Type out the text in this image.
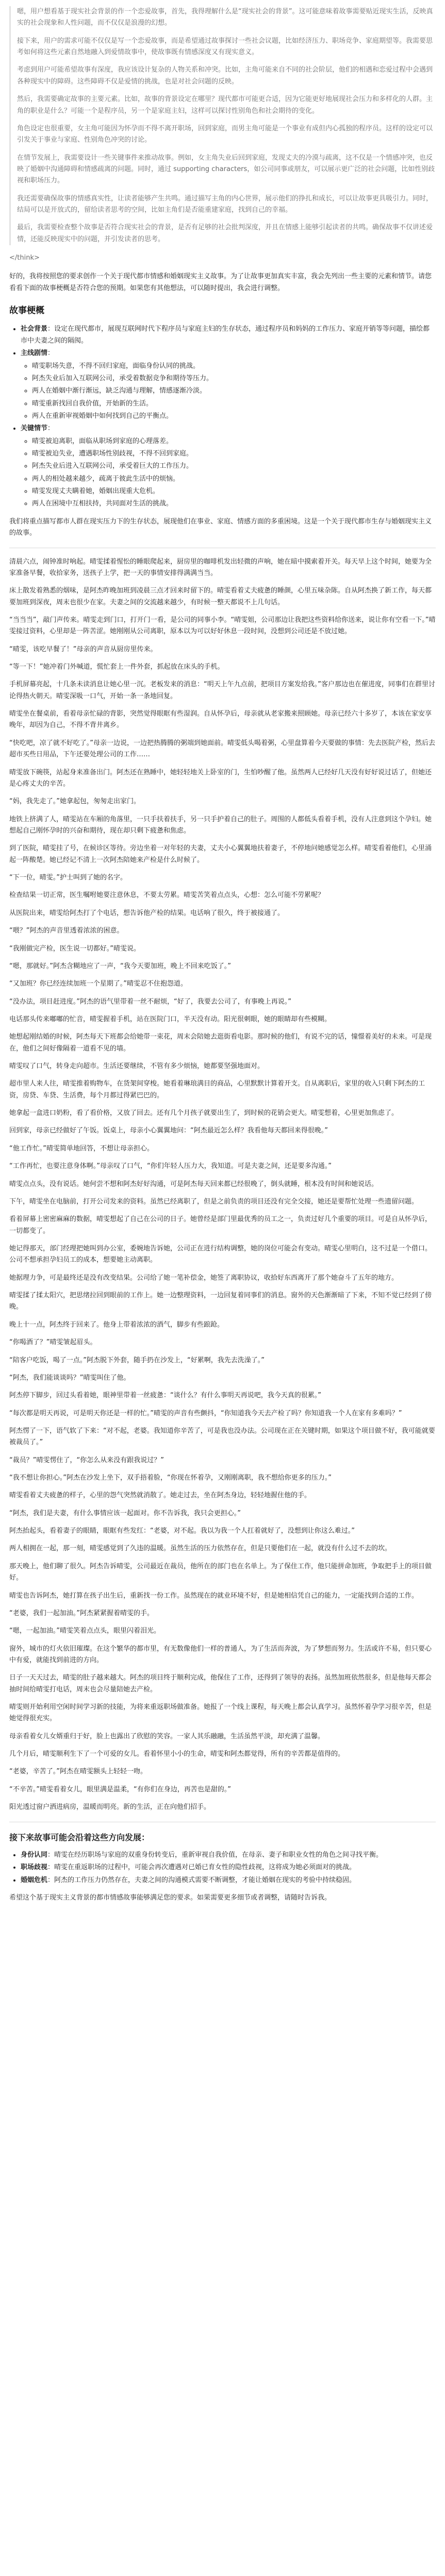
嗯，用户想看基于现实社会背景的作一个恋爱故事，首先，我得理解什么是“现实社会的背景”。这可能意味着故事需要贴近现实生活，反映真实的社会现象和人性问题，而不仅仅是浪漫的幻想。

接下来，用户的需求可能不仅仅是写一个恋爱故事，而是希望通过故事探讨一些社会议题，比如经济压力、职场竞争、家庭期望等。我需要思考如何将这些元素自然地融入到爱情故事中，使故事既有情感深度又有现实意义。

考虑到用户可能希望故事有深度，我应该设计复杂的人物关系和冲突。比如，主角可能来自不同的社会阶层，他们的相遇和恋爱过程中会遇到各种现实中的障碍。这些障碍不仅是爱情的挑战，也是对社会问题的反映。

然后，我需要确定故事的主要元素。比如，故事的背景设定在哪里？现代都市可能更合适，因为它能更好地展现社会压力和多样化的人群。主角的职业是什么？可能一个是程序员，另一个是家庭主妇，这样可以探讨性别角色和社会期待的变化。

角色设定也很重要，女主角可能因为怀孕而不得不离开职场，回到家庭，而男主角可能是一个事业有成但内心孤独的程序员。这样的设定可以引发关于事业与家庭、性别角色冲突的讨论。

在情节发展上，我需要设计一些关键事件来推动故事。例如，女主角失业后回到家庭，发现丈夫的冷漠与疏离，这不仅是一个情感冲突，也反映了婚姻中沟通障碍和情感疏离的问题。同时，通过 supporting characters，如公司同事或朋友，可以展示更广泛的社会问题，比如性别歧视和职场压力。

我还需要确保故事的情感真实性，让读者能够产生共鸣。通过描写主角的内心世界，展示他们的挣扎和成长，可以让故事更具吸引力。同时，结局可以是开放式的，留给读者思考的空间，比如主角们是否能重建家庭，找到自己的幸福。

最后，我需要检查整个故事是否符合现实社会的背景，是否有足够的社会批判深度，并且在情感上能够引起读者的共鸣。确保故事不仅讲述爱情，还能反映现实中的问题，并引发读者的思考。

</think>

好的，我将按照您的要求创作一个关于现代都市情感和婚姻现实主义故事。为了让故事更加真实丰富，我会先列出一些主要的元素和情节。请您看看下面的故事梗概是否符合您的预期。如果您有其他想法，可以随时提出，我会进行调整。

故事梗概
• 社会背景：设定在现代都市，展现互联网时代下程序员与家庭主妇的生存状态，通过程序员和妈妈的工作压力、家庭开销等等问题，描绘都市中夫妻之间的隔阂。
• 主线剧情：
◦ 晴雯职场失意，不得不回归家庭，面临身份认同的挑战。
◦ 阿杰失业后加入互联网公司，承受着数据竞争和期待等压力。
◦ 两人在婚姻中渐行渐远，缺乏沟通与理解，情感逐渐冷淡。
◦ 晴雯重新找回自我价值，开始新的生活。
◦ 两人在重新审视婚姻中如何找到自己的平衡点。
• 关键情节：
◦ 晴雯被迫离职，面临从职场到家庭的心理落差。
◦ 晴雯被迫失业，遭遇职场性别歧视，不得不回到家庭。
◦ 阿杰失业后进入互联网公司，承受着巨大的工作压力。
◦ 两人的相处越来越少，疏离于彼此生活中的烦恼。
◦ 晴雯发现丈夫瞒着她，婚姻出现重大危机。
◦ 两人在困境中互相扶持，共同面对生活的挑战。

我们将重点描写都市人群在现实压力下的生存状态，展现他们在事业、家庭、情感方面的多重困境。这是一个关于现代都市生存与婚姻现实主义的故事。

清晨六点，闹钟准时响起。晴雯揉着惺忪的睡眼爬起来，厨房里的咖啡机发出轻微的声响，她在暗中摸索着开关。每天早上这个时间，她要为全家准备早餐，收拾家务，送孩子上学，把一天的事情安排得满满当当。

床上散发着熟悉的烟味，是阿杰昨晚加班到凌晨三点才回来时留下的。晴雯看着丈夫疲惫的睡颜，心里五味杂陈。自从阿杰换了新工作，每天都要加班到深夜，周末也很少在家。夫妻之间的交流越来越少，有时候一整天都说不上几句话。

“当当当”，敲门声传来。晴雯走到门口，打开门一看，是公司的同事小李。“晴雯姐，公司那边让我把这些资料给你送来，说让你有空看一下。”晴雯接过资料，心里却是一阵苦涩。她刚刚从公司离职，原本以为可以好好休息一段时间，没想到公司还是不放过她。

“晴雯，该吃早餐了！”母亲的声音从厨房里传来。

“等一下！”她冲着门外喊道，慌忙套上一件外套，抓起放在床头的手机。

手机屏幕亮起，十几条未读消息让她心里一沉。老板发来的消息：“明天上午九点前，把项目方案发给我。”客户那边也在催进度，同事们在群里讨论得热火朝天。晴雯深吸一口气，开始一条一条地回复。

晴雯坐在餐桌前，看着母亲忙碌的背影，突然觉得眼眶有些湿润。自从怀孕后，母亲就从老家搬来照顾她。母亲已经六十多岁了，本该在家安享晚年，却因为自己，不得不背井离乡。

“快吃吧，凉了就不好吃了。”母亲一边说，一边把热腾腾的粥端到她面前。晴雯低头喝着粥，心里盘算着今天要做的事情：先去医院产检，然后去超市买些日用品，下午还要处理公司的工作……

晴雯放下碗筷，站起身来准备出门。阿杰还在熟睡中，她轻轻地关上卧室的门，生怕吵醒了他。虽然两人已经好几天没有好好说过话了，但她还是心疼丈夫的辛苦。

“妈，我先走了。”她拿起包，匆匆走出家门。

地铁上挤满了人，晴雯站在车厢的角落里，一只手扶着扶手，另一只手护着自己的肚子。周围的人都低头看着手机，没有人注意到这个孕妇。她想起自己刚怀孕时的兴奋和期待，现在却只剩下疲惫和焦虑。

到了医院，晴雯挂了号，在候诊区等待。旁边坐着一对年轻的夫妻，丈夫小心翼翼地扶着妻子，不停地问她感觉怎么样。晴雯看着他们，心里涌起一阵酸楚。她已经记不清上一次阿杰陪她来产检是什么时候了。

“下一位，晴雯。”护士叫到了她的名字。

检查结果一切正常，医生嘱咐她要注意休息，不要太劳累。晴雯苦笑着点点头，心想：怎么可能不劳累呢？

从医院出来，晴雯给阿杰打了个电话，想告诉他产检的结果。电话响了很久，终于被接通了。

“喂？”阿杰的声音里透着浓浓的困意。

“我刚做完产检，医生说一切都好。”晴雯说。

“嗯，那就好。”阿杰含糊地应了一声，“我今天要加班，晚上不回来吃饭了。”

“又加班？你已经连续加班一个星期了。”晴雯忍不住抱怨道。

“没办法，项目赶进度。”阿杰的语气里带着一丝不耐烦，“好了，我要去公司了，有事晚上再说。”

电话那头传来嘟嘟的忙音，晴雯握着手机，站在医院门口，半天没有动。阳光很刺眼，她的眼睛却有些模糊。

她想起刚结婚的时候，阿杰每天下班都会给她带一束花，周末会陪她去逛街看电影。那时候的他们，有说不完的话，憧憬着美好的未来。可是现在，他们之间好像隔着一道看不见的墙。

晴雯叹了口气，转身走向超市。生活还要继续，不管有多少烦恼，她都要坚强地面对。

超市里人来人往，晴雯推着购物车，在货架间穿梭。她看着琳琅满目的商品，心里默默计算着开支。自从离职后，家里的收入只剩下阿杰的工资，房贷、车贷、生活费，每个月都过得紧巴巴的。

她拿起一盒进口奶粉，看了看价格，又放了回去。还有几个月孩子就要出生了，到时候的花销会更大。晴雯想着，心里更加焦虑了。

回到家，母亲已经做好了午饭。饭桌上，母亲小心翼翼地问：“阿杰最近怎么样？我看他每天都回来得很晚。”

“他工作忙。”晴雯简单地回答，不想让母亲担心。

“工作再忙，也要注意身体啊。”母亲叹了口气，“你们年轻人压力大，我知道。可是夫妻之间，还是要多沟通。”

晴雯点点头，没有说话。她何尝不想和阿杰好好沟通，可是阿杰每天回来都已经很晚了，倒头就睡，根本没有时间和她说话。

下午，晴雯坐在电脑前，打开公司发来的资料。虽然已经离职了，但是之前负责的项目还没有完全交接，她还是要帮忙处理一些遗留问题。

看着屏幕上密密麻麻的数据，晴雯想起了自己在公司的日子。她曾经是部门里最优秀的员工之一，负责过好几个重要的项目。可是自从怀孕后，一切都变了。

她记得那天，部门经理把她叫到办公室，委婉地告诉她，公司正在进行结构调整，她的岗位可能会有变动。晴雯心里明白，这不过是一个借口。公司不想承担孕妇员工的成本，想要她主动离职。

她据理力争，可是最终还是没有改变结果。公司给了她一笔补偿金，她签了离职协议，收拾好东西离开了那个她奋斗了五年的地方。

晴雯揉了揉太阳穴，把思绪拉回到眼前的工作上。她一边整理资料，一边回复着同事们的消息。窗外的天色渐渐暗了下来，不知不觉已经到了傍晚。

晚上十一点，阿杰终于回来了。他身上带着浓浓的酒气，脚步有些踉跄。

“你喝酒了？”晴雯皱起眉头。

“陪客户吃饭，喝了一点。”阿杰脱下外套，随手扔在沙发上，“好累啊，我先去洗澡了。”

“阿杰，我们能谈谈吗？”晴雯叫住了他。

阿杰停下脚步，回过头看着她，眼神里带着一丝疲惫：“谈什么？有什么事明天再说吧，我今天真的很累。”

“每次都是明天再说，可是明天你还是一样的忙。”晴雯的声音有些颤抖，“你知道我今天去产检了吗？你知道我一个人在家有多难吗？”

阿杰愣了一下，语气软了下来：“对不起，老婆。我知道你辛苦了，可是我也没办法。公司现在正在关键时期，如果这个项目做不好，我可能就要被裁员了。”

“裁员？”晴雯愣住了，“你怎么从来没有跟我说过？”

“我不想让你担心。”阿杰在沙发上坐下，双手捂着脸，“你现在怀着孕，又刚刚离职，我不想给你更多的压力。”

晴雯看着丈夫疲惫的样子，心里的怨气突然就消散了。她走过去，坐在阿杰身边，轻轻地握住他的手。

“阿杰，我们是夫妻，有什么事情应该一起面对。你不告诉我，我只会更担心。”

阿杰抬起头，看着妻子的眼睛，眼眶有些发红：“老婆，对不起。我以为我一个人扛着就好了，没想到让你这么难过。”

两人相拥在一起，那一刻，晴雯感觉到了久违的温暖。虽然生活的压力依然存在，但是只要他们在一起，就没有什么过不去的坎。

那天晚上，他们聊了很久。阿杰告诉晴雯，公司最近在裁员，他所在的部门也在名单上。为了保住工作，他只能拼命加班，争取把手上的项目做好。

晴雯也告诉阿杰，她打算在孩子出生后，重新找一份工作。虽然现在的就业环境不好，但是她相信凭自己的能力，一定能找到合适的工作。

“老婆，我们一起加油。”阿杰紧紧握着晴雯的手。

“嗯，一起加油。”晴雯笑着点点头，眼里闪着泪光。

窗外，城市的灯火依旧璀璨。在这个繁华的都市里，有无数像他们一样的普通人，为了生活而奔波，为了梦想而努力。生活或许不易，但只要心中有爱，就能找到前进的方向。

日子一天天过去，晴雯的肚子越来越大。阿杰的项目终于顺利完成，他保住了工作，还得到了领导的表扬。虽然加班依然很多，但是他每天都会抽时间给晴雯打电话，周末也会尽量陪她去产检。

晴雯则开始利用空闲时间学习新的技能，为将来重返职场做准备。她报了一个线上课程，每天晚上都会认真学习。虽然怀着孕学习很辛苦，但是她觉得很充实。

母亲看着女儿女婿重归于好，脸上也露出了欣慰的笑容。一家人其乐融融，生活虽然平淡，却充满了温馨。

几个月后，晴雯顺利生下了一个可爱的女儿。看着怀里小小的生命，晴雯和阿杰都觉得，所有的辛苦都是值得的。

“老婆，辛苦了。”阿杰在晴雯额头上轻轻一吻。

“不辛苦。”晴雯看着女儿，眼里满是温柔，“有你们在身边，再苦也是甜的。”

阳光透过窗户洒进病房，温暖而明亮。新的生活，正在向他们招手。

接下来故事可能会沿着这些方向发展：
• 身份认同：晴雯在经历职场与家庭的双重身份转变后，重新审视自我价值，在母亲、妻子和职业女性的角色之间寻找平衡。
• 职场歧视：晴雯在重返职场的过程中，可能会再次遭遇对已婚已育女性的隐性歧视，这将成为她必须面对的挑战。
• 婚姻危机：阿杰的工作压力仍然存在，夫妻之间的沟通模式需要不断调整，才能让婚姻在现实的考验中持续稳固。

希望这个基于现实主义背景的都市情感故事能够满足您的要求。如果需要更多细节或者调整，请随时告诉我。
